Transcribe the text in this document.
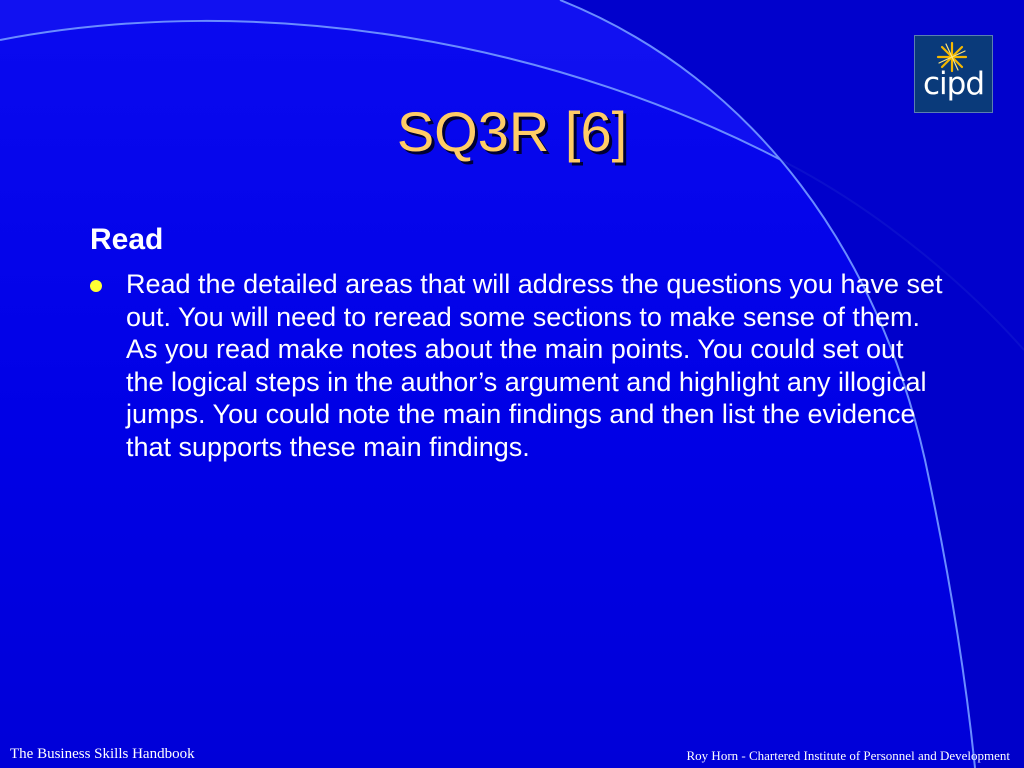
SQ3R [6]
Read
Read the detailed areas that will address the questions you have set out. You will need to reread some sections to make sense of them. As you read make notes about the main points. You could set out the logical steps in the author’s argument and highlight any illogical jumps. You could note the main findings and then list the evidence that supports these main findings.
cipd

The Business Skills Handbook	Roy Horn - Chartered Institute of Personnel and Development
